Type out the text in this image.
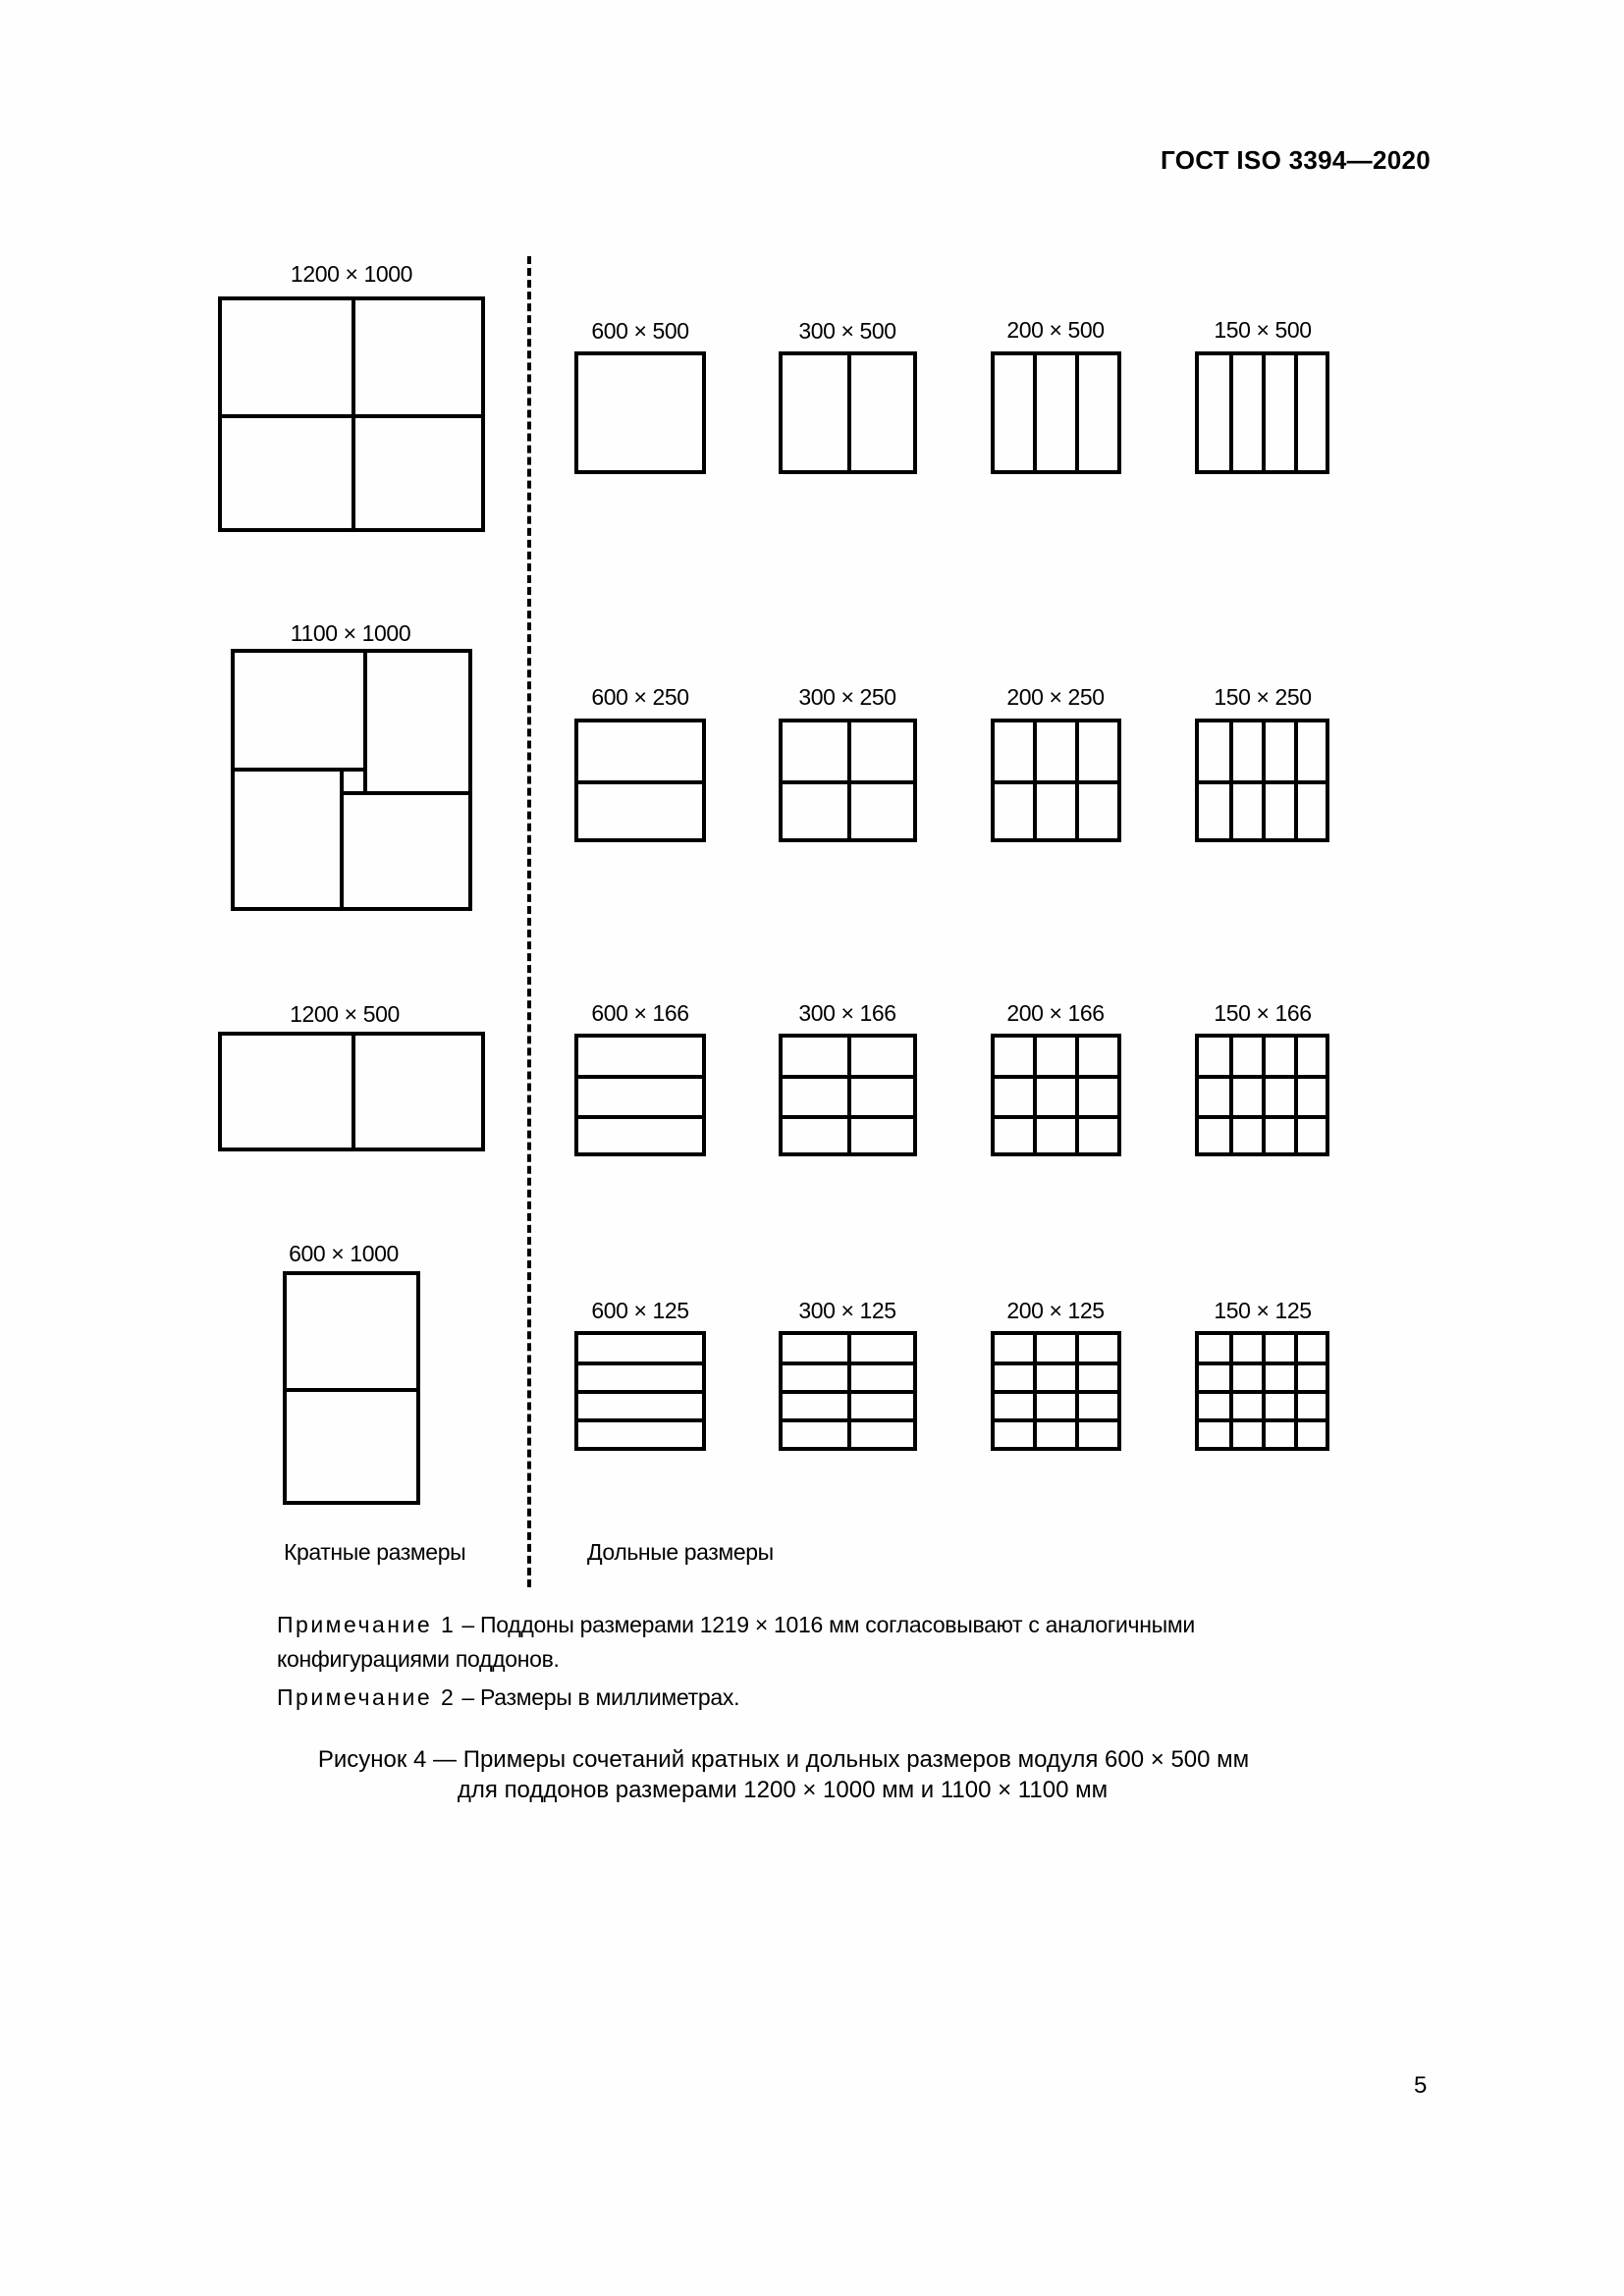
ГОСТ ISO 3394—2020
1200 × 1000
1100 × 1000
1200 × 500
600 × 1000
600 × 500	300 × 500	200 × 500	150 × 500
600 × 250	300 × 250	200 × 250	150 × 250
600 × 166	300 × 166	200 × 166	150 × 166
600 × 125	300 × 125	200 × 125	150 × 125
Кратные размеры	Дольные размеры
Примечание 1 – Поддоны размерами 1219 × 1016 мм согласовывают с аналогичными
конфигурациями поддонов.
Примечание 2 – Размеры в миллиметрах.
Рисунок 4 — Примеры сочетаний кратных и дольных размеров модуля 600 × 500 мм
для поддонов размерами 1200 × 1000 мм и 1100 × 1100 мм
5
